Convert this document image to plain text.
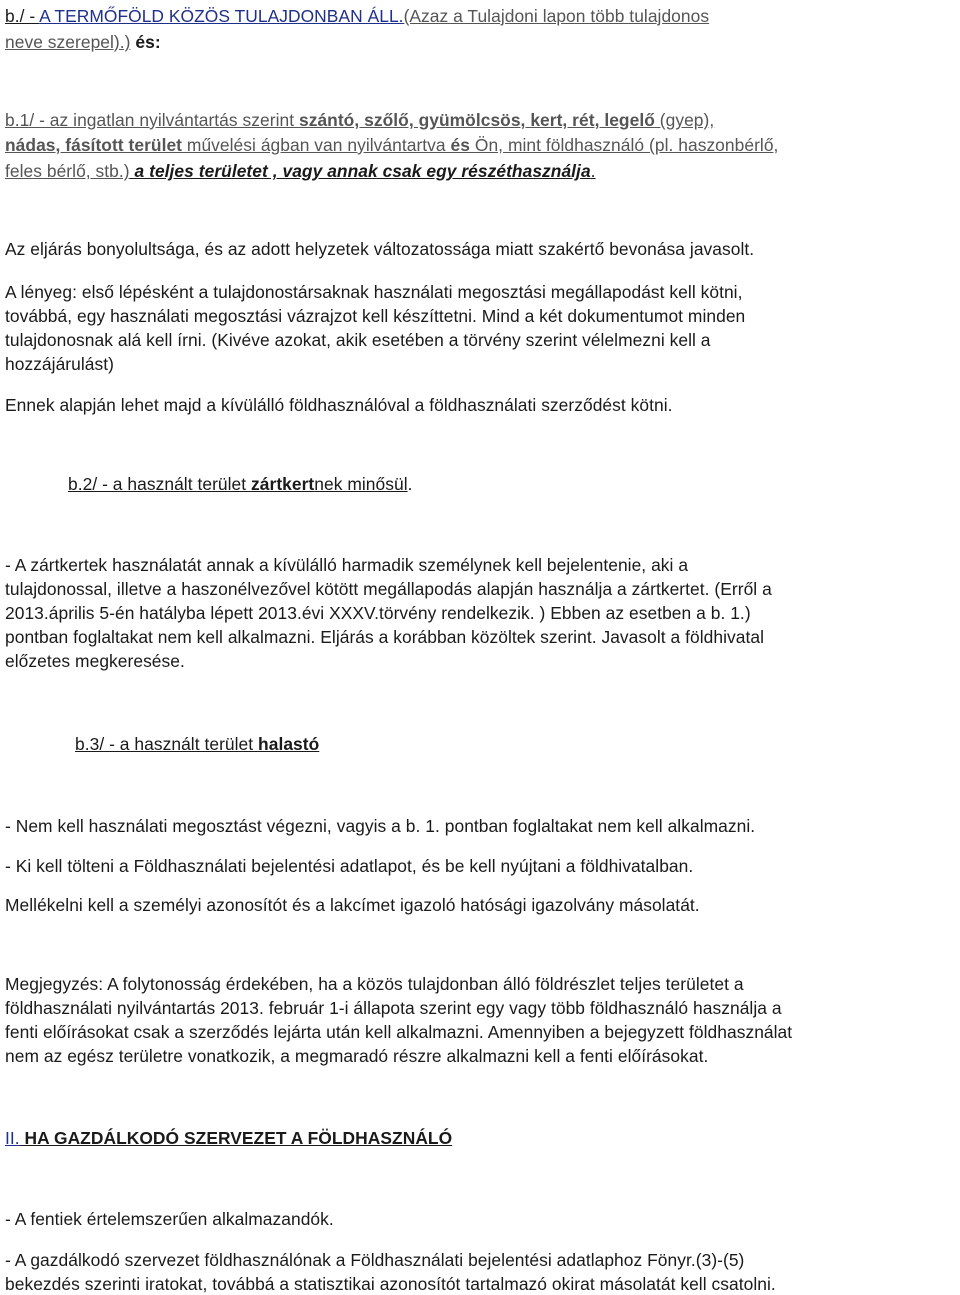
b./ - A TERMŐFÖLD KÖZÖS TULAJDONBAN ÁLL.(Azaz a Tulajdoni lapon több tulajdonos
neve szerepel).) és:
b.1/ - az ingatlan nyilvántartás szerint szántó, szőlő, gyümölcsös, kert, rét, legelő (gyep),
nádas, fásított terület művelési ágban van nyilvántartva és Ön, mint földhasználó (pl. haszonbérlő,
feles bérlő, stb.) a teljes területet , vagy annak csak egy részéthasználja.
Az eljárás bonyolultsága, és az adott helyzetek változatossága miatt szakértő bevonása javasolt.
A lényeg: első lépésként a tulajdonostársaknak használati megosztási megállapodást kell kötni,
továbbá, egy használati megosztási vázrajzot kell készíttetni. Mind a két dokumentumot minden
tulajdonosnak alá kell írni. (Kivéve azokat, akik esetében a törvény szerint vélelmezni kell a
hozzájárulást)
Ennek alapján lehet majd a kívülálló földhasználóval a földhasználati szerződést kötni.
b.2/ - a használt terület zártkertnek minősül.
- A zártkertek használatát annak a kívülálló harmadik személynek kell bejelentenie, aki a
tulajdonossal, illetve a haszonélvezővel kötött megállapodás alapján használja a zártkertet. (Erről a
2013.április 5-én hatályba lépett 2013.évi XXXV.törvény rendelkezik. ) Ebben az esetben a b. 1.)
pontban foglaltakat nem kell alkalmazni. Eljárás a korábban közöltek szerint. Javasolt a földhivatal
előzetes megkeresése.
b.3/ - a használt terület halastó
- Nem kell használati megosztást végezni, vagyis a b. 1. pontban foglaltakat nem kell alkalmazni.
- Ki kell tölteni a Földhasználati bejelentési adatlapot, és be kell nyújtani a földhivatalban.
Mellékelni kell a személyi azonosítót és a lakcímet igazoló hatósági igazolvány másolatát.
Megjegyzés: A folytonosság érdekében, ha a közös tulajdonban álló földrészlet teljes területet a
földhasználati nyilvántartás 2013. február 1-i állapota szerint egy vagy több földhasználó használja a
fenti előírásokat csak a szerződés lejárta után kell alkalmazni. Amennyiben a bejegyzett földhasználat
nem az egész területre vonatkozik, a megmaradó részre alkalmazni kell a fenti előírásokat.
II. HA GAZDÁLKODÓ SZERVEZET A FÖLDHASZNÁLÓ
- A fentiek értelemszerűen alkalmazandók.
- A gazdálkodó szervezet földhasználónak a Földhasználati bejelentési adatlaphoz Fönyr.(3)-(5)
bekezdés szerinti iratokat, továbbá a statisztikai azonosítót tartalmazó okirat másolatát kell csatolni.
